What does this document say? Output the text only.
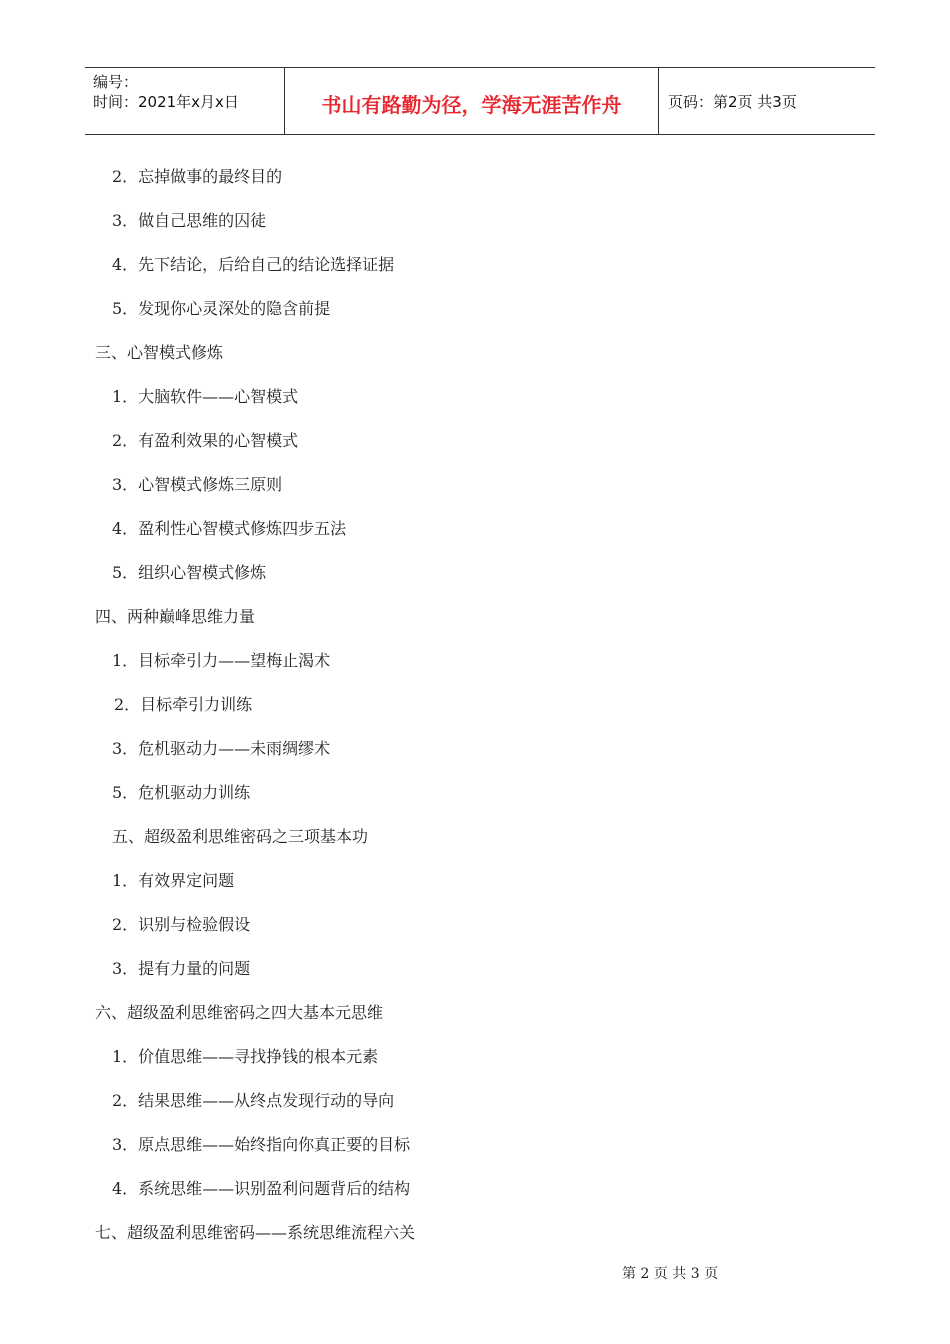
编号：
时间：2021年x月x日	书山有路勤为径，学海无涯苦作舟	页码：第2页 共3页
2．忘掉做事的最终目的
3．做自己思维的囚徒
4．先下结论，后给自己的结论选择证据
5．发现你心灵深处的隐含前提
三、心智模式修炼
1．大脑软件——心智模式
2．有盈利效果的心智模式
3．心智模式修炼三原则
4．盈利性心智模式修炼四步五法
5．组织心智模式修炼
四、两种巅峰思维力量
1．目标牵引力——望梅止渴术
2．目标牵引力训练
3．危机驱动力——未雨绸缪术
5．危机驱动力训练
五、超级盈利思维密码之三项基本功
1．有效界定问题
2．识别与检验假设
3．提有力量的问题
六、超级盈利思维密码之四大基本元思维
1．价值思维——寻找挣钱的根本元素
2．结果思维——从终点发现行动的导向
3．原点思维——始终指向你真正要的目标
4．系统思维——识别盈利问题背后的结构
七、超级盈利思维密码——系统思维流程六关
第 2 页 共 3 页
